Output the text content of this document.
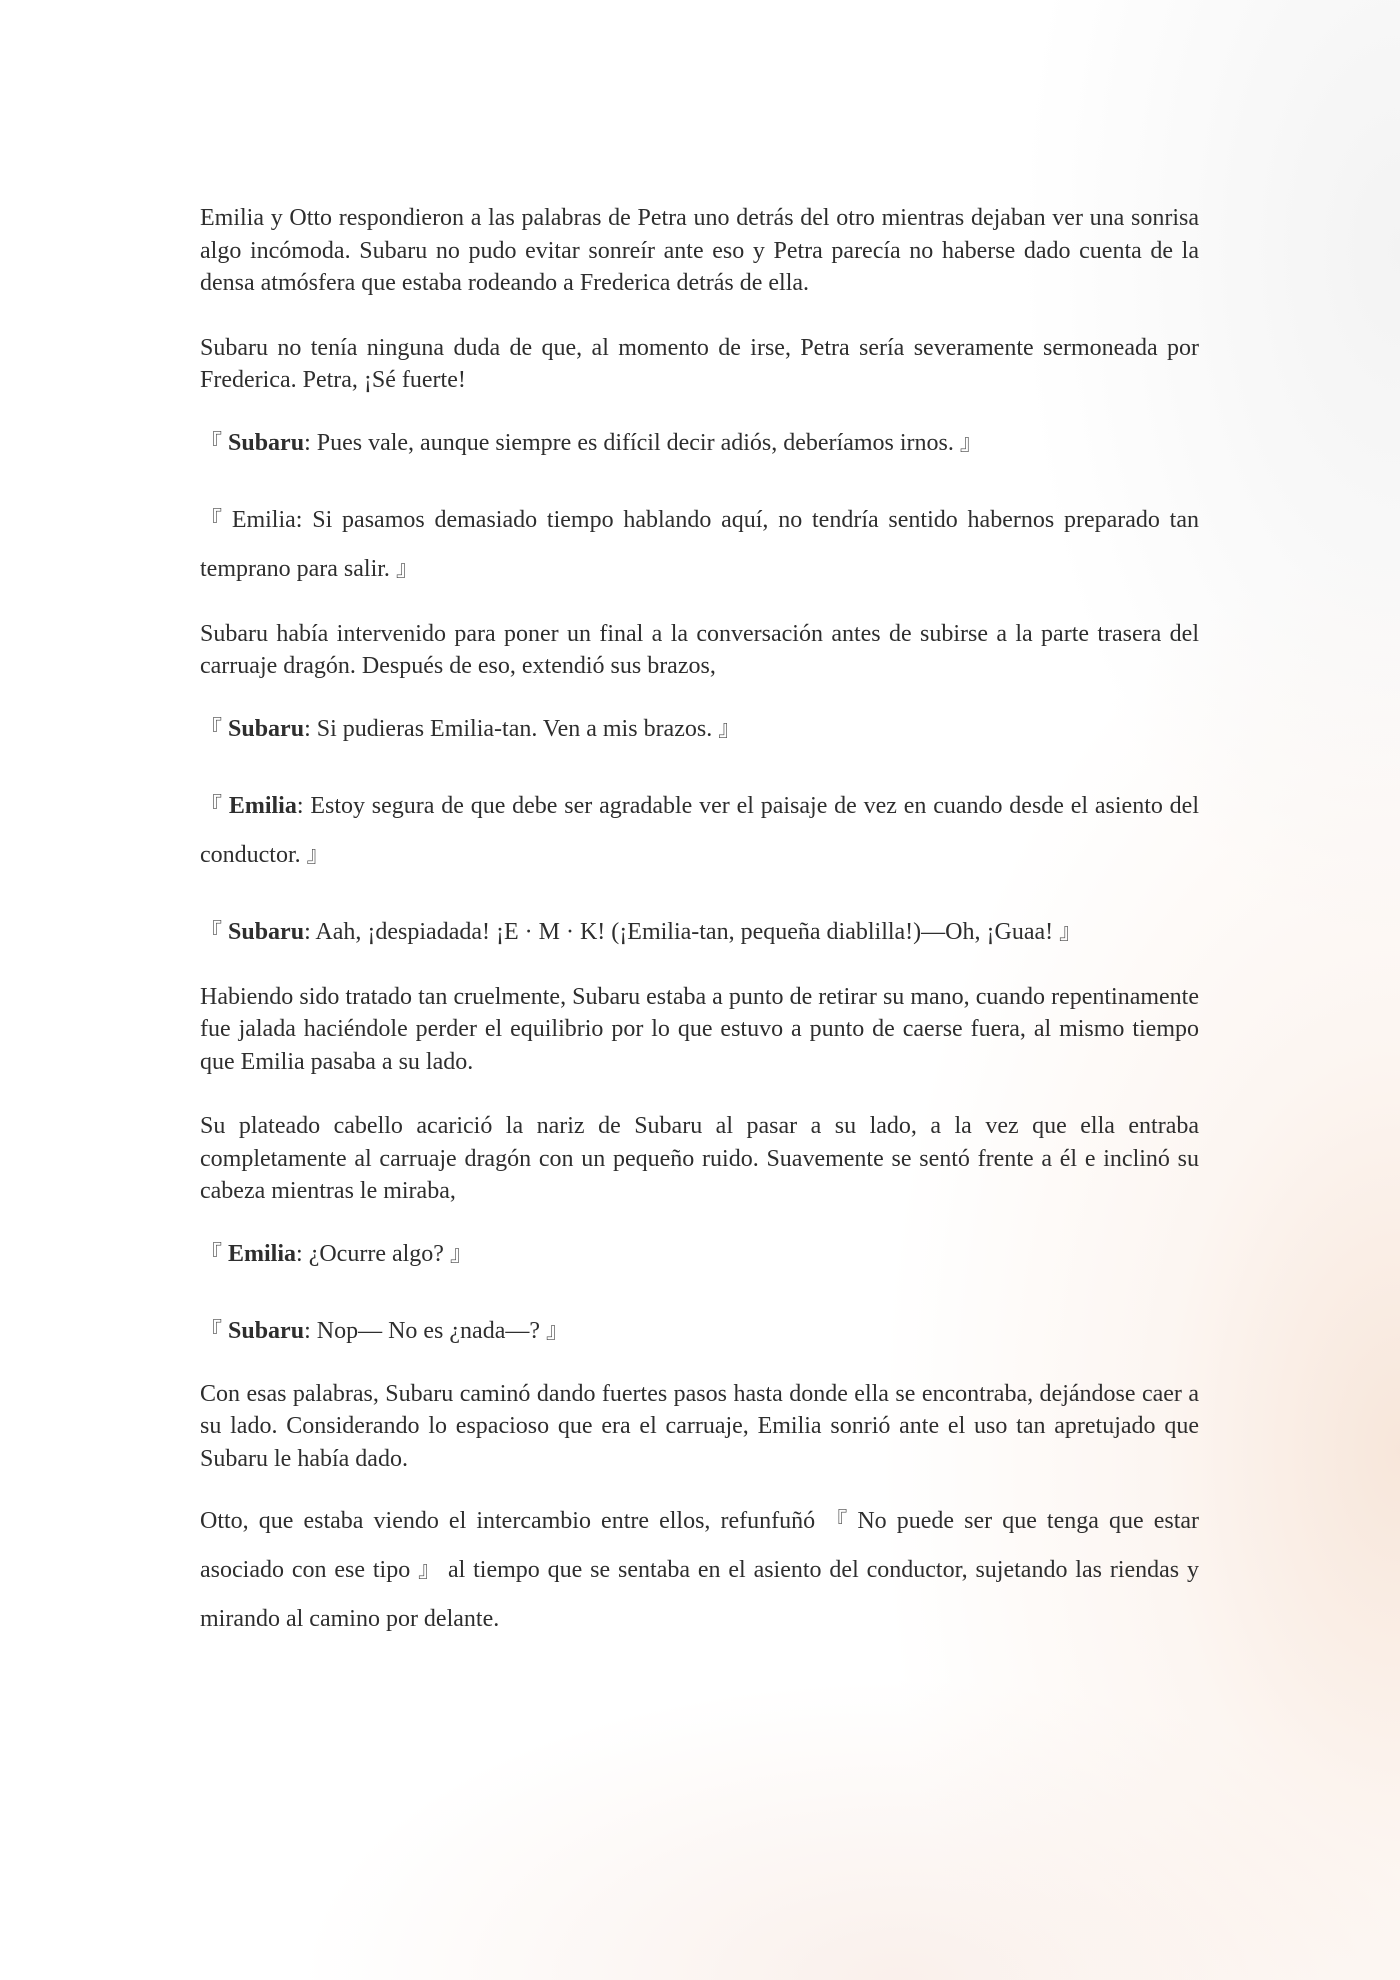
Emilia y Otto respondieron a las palabras de Petra uno detrás del otro mientras dejaban ver una sonrisa algo incómoda. Subaru no pudo evitar sonreír ante eso y Petra parecía no haberse dado cuenta de la densa atmósfera que estaba rodeando a Frederica detrás de ella.

Subaru no tenía ninguna duda de que, al momento de irse, Petra sería severamente sermoneada por Frederica. Petra, ¡Sé fuerte!

『 Subaru: Pues vale, aunque siempre es difícil decir adiós, deberíamos irnos. 』

『 Emilia: Si pasamos demasiado tiempo hablando aquí, no tendría sentido habernos preparado tan temprano para salir. 』

Subaru había intervenido para poner un final a la conversación antes de subirse a la parte trasera del carruaje dragón. Después de eso, extendió sus brazos,

『 Subaru: Si pudieras Emilia-tan. Ven a mis brazos. 』

『 Emilia: Estoy segura de que debe ser agradable ver el paisaje de vez en cuando desde el asiento del conductor. 』

『 Subaru: Aah, ¡despiadada! ¡E · M · K! (¡Emilia-tan, pequeña diablilla!)—Oh, ¡Guaa! 』

Habiendo sido tratado tan cruelmente, Subaru estaba a punto de retirar su mano, cuando repentinamente fue jalada haciéndole perder el equilibrio por lo que estuvo a punto de caerse fuera, al mismo tiempo que Emilia pasaba a su lado.

Su plateado cabello acarició la nariz de Subaru al pasar a su lado, a la vez que ella entraba completamente al carruaje dragón con un pequeño ruido. Suavemente se sentó frente a él e inclinó su cabeza mientras le miraba,

『 Emilia: ¿Ocurre algo? 』

『 Subaru: Nop— No es ¿nada—? 』

Con esas palabras, Subaru caminó dando fuertes pasos hasta donde ella se encontraba, dejándose caer a su lado. Considerando lo espacioso que era el carruaje, Emilia sonrió ante el uso tan apretujado que Subaru le había dado.

Otto, que estaba viendo el intercambio entre ellos, refunfuñó 『 No puede ser que tenga que estar asociado con ese tipo 』 al tiempo que se sentaba en el asiento del conductor, sujetando las riendas y mirando al camino por delante.
